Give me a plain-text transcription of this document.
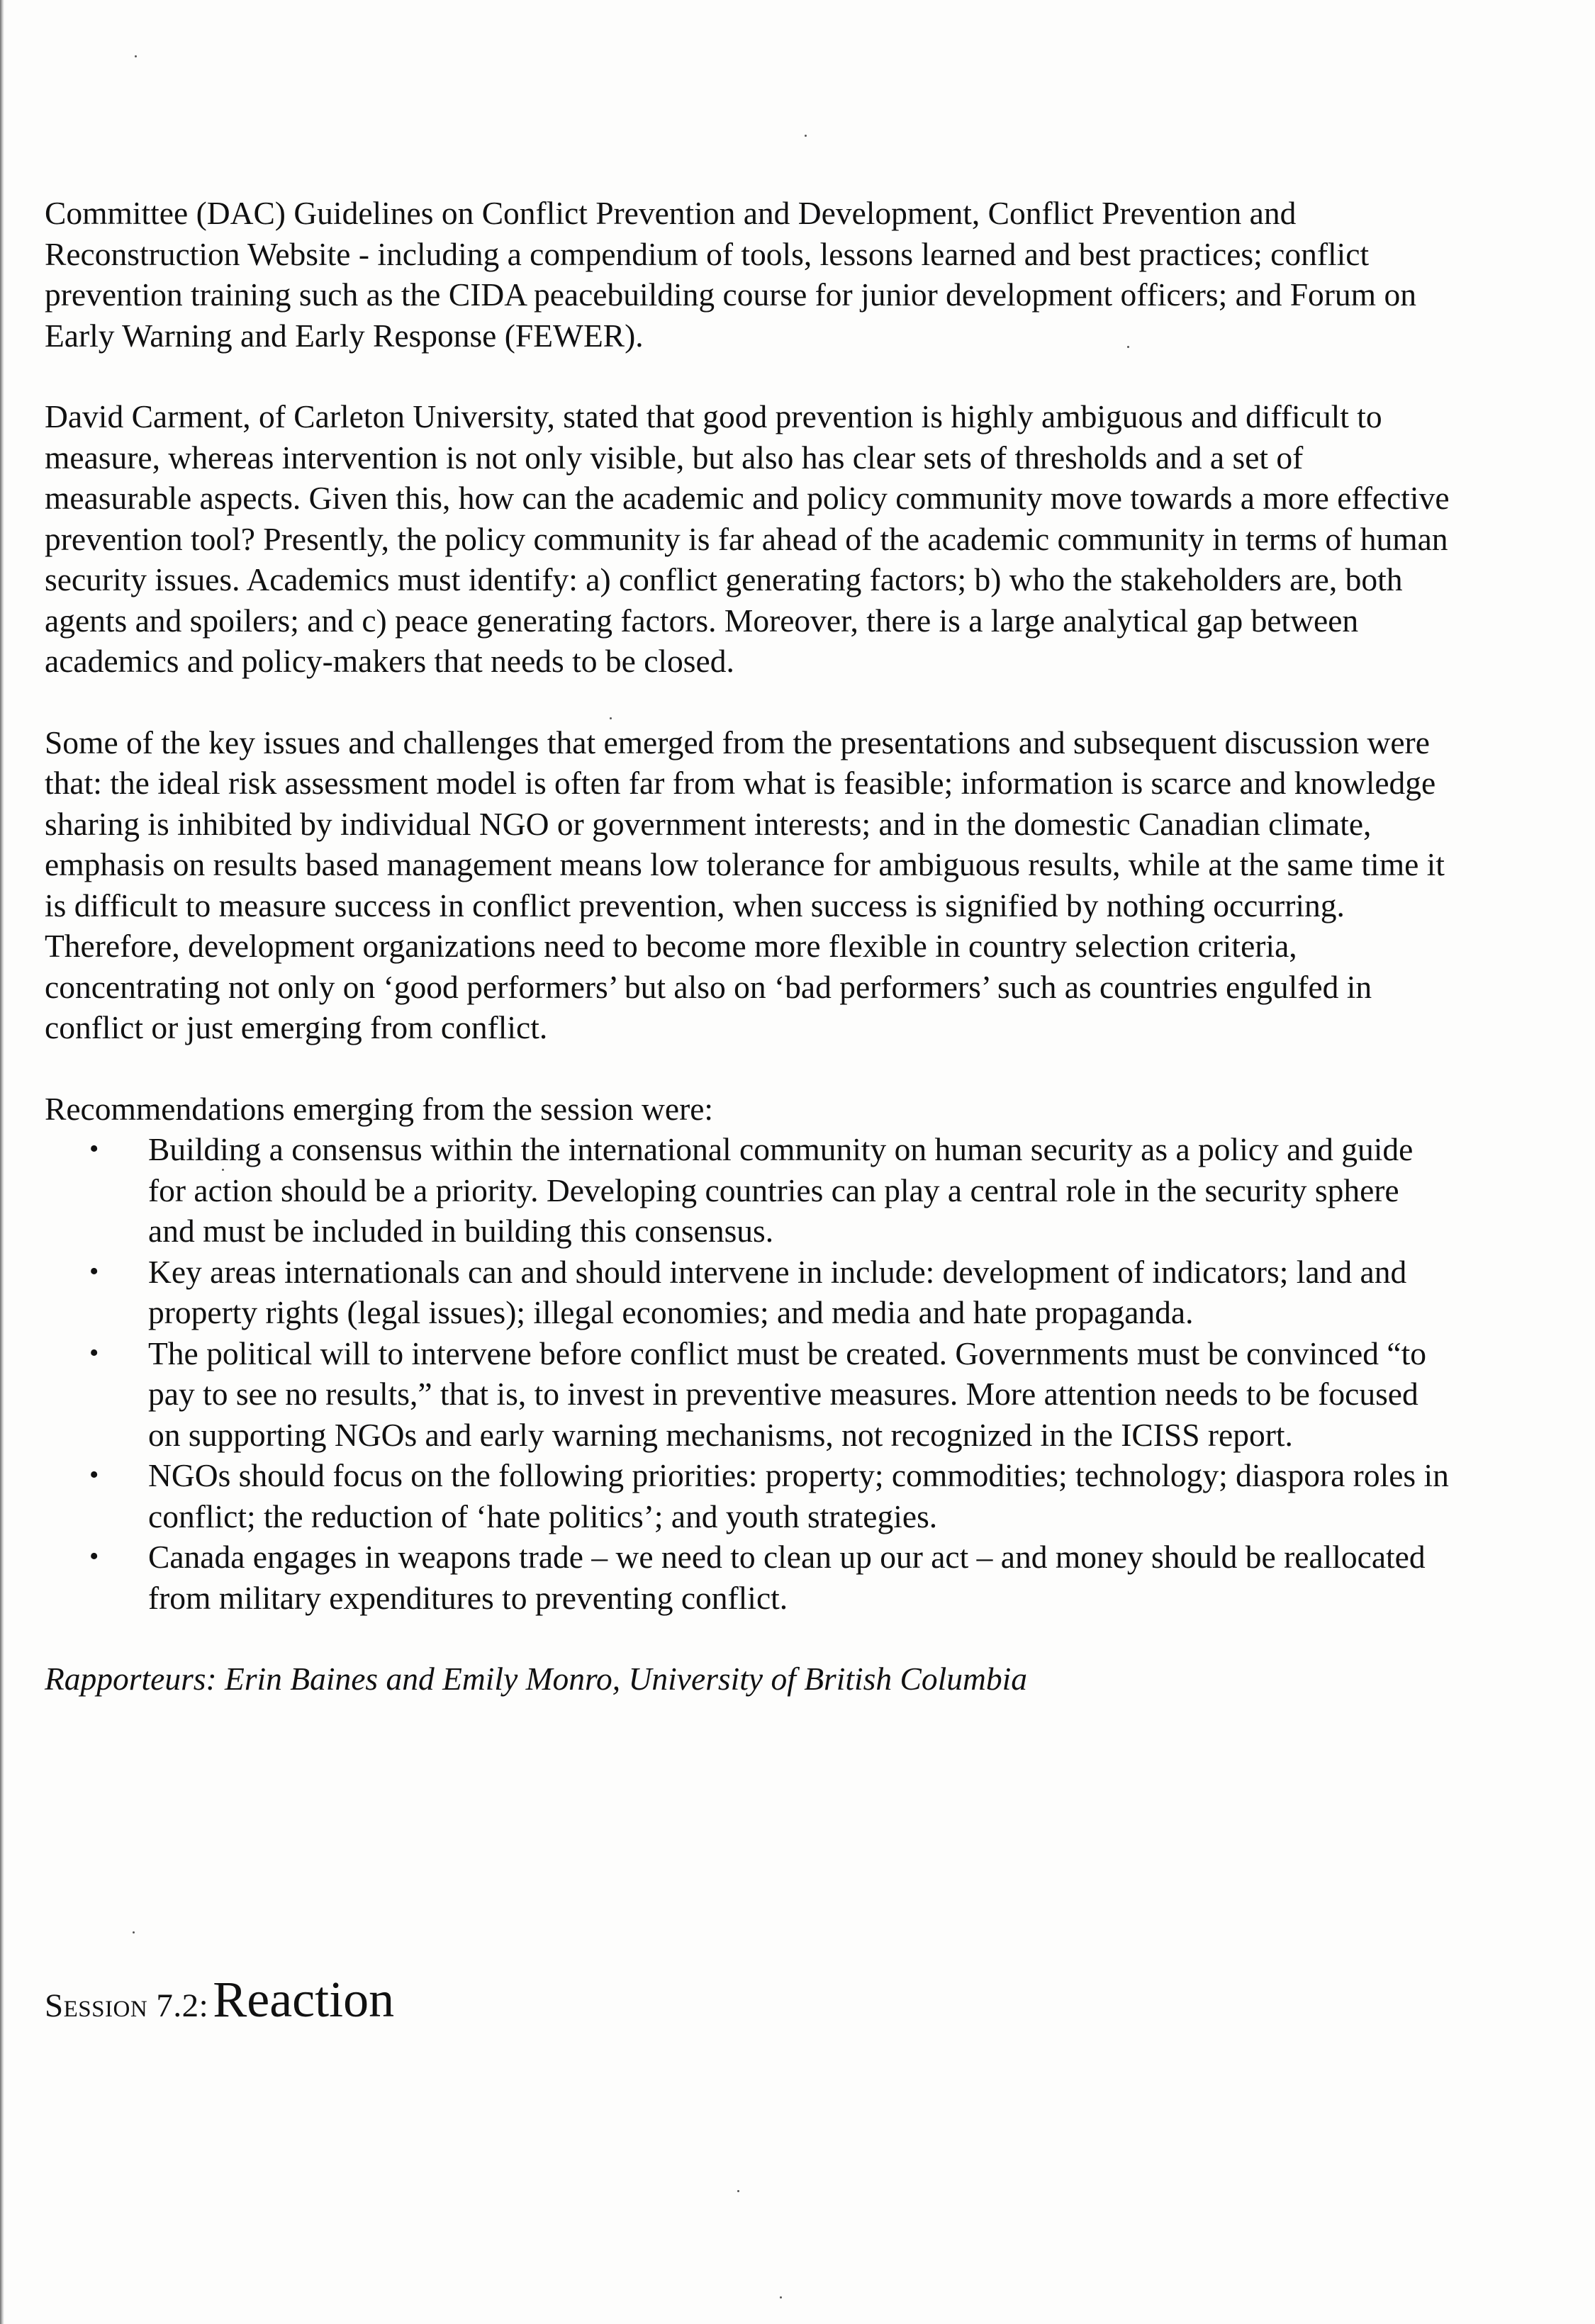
Committee (DAC) Guidelines on Conflict Prevention and Development, Conflict Prevention and Reconstruction Website - including a compendium of tools, lessons learned and best practices; conflict prevention training such as the CIDA peacebuilding course for junior development officers; and Forum on Early Warning and Early Response (FEWER).

David Carment, of Carleton University, stated that good prevention is highly ambiguous and difficult to measure, whereas intervention is not only visible, but also has clear sets of thresholds and a set of measurable aspects. Given this, how can the academic and policy community move towards a more effective prevention tool? Presently, the policy community is far ahead of the academic community in terms of human security issues. Academics must identify: a) conflict generating factors; b) who the stakeholders are, both agents and spoilers; and c) peace generating factors. Moreover, there is a large analytical gap between academics and policy-makers that needs to be closed.

Some of the key issues and challenges that emerged from the presentations and subsequent discussion were that: the ideal risk assessment model is often far from what is feasible; information is scarce and knowledge sharing is inhibited by individual NGO or government interests; and in the domestic Canadian climate, emphasis on results based management means low tolerance for ambiguous results, while at the same time it is difficult to measure success in conflict prevention, when success is signified by nothing occurring. Therefore, development organizations need to become more flexible in country selection criteria, concentrating not only on ‘good performers’ but also on ‘bad performers’ such as countries engulfed in conflict or just emerging from conflict.

Recommendations emerging from the session were:

• Building a consensus within the international community on human security as a policy and guide for action should be a priority. Developing countries can play a central role in the security sphere and must be included in building this consensus.
• Key areas internationals can and should intervene in include: development of indicators; land and property rights (legal issues); illegal economies; and media and hate propaganda.
• The political will to intervene before conflict must be created. Governments must be convinced “to pay to see no results,” that is, to invest in preventive measures. More attention needs to be focused on supporting NGOs and early warning mechanisms, not recognized in the ICISS report.
• NGOs should focus on the following priorities: property; commodities; technology; diaspora roles in conflict; the reduction of ‘hate politics’; and youth strategies.
• Canada engages in weapons trade – we need to clean up our act – and money should be reallocated from military expenditures to preventing conflict.

Rapporteurs: Erin Baines and Emily Monro, University of British Columbia

Session 7.2: Reaction
